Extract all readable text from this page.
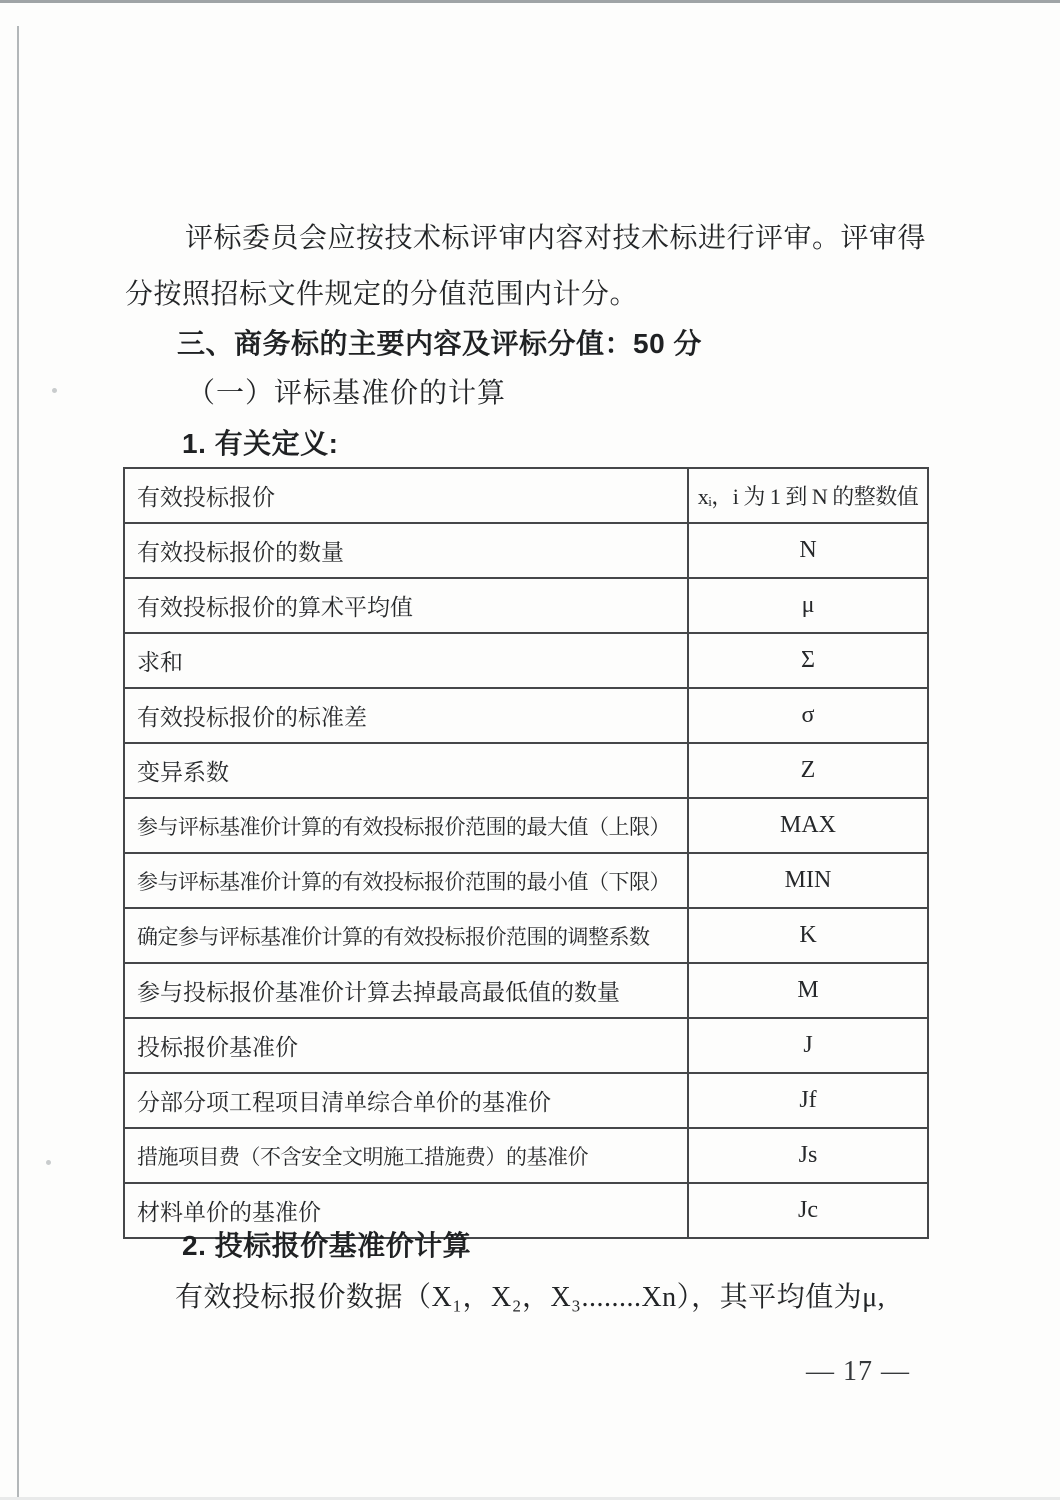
评标委员会应按技术标评审内容对技术标进行评审。评审得
分按照招标文件规定的分值范围内计分。
三、商务标的主要内容及评标分值：50 分
（一）评标基准价的计算
1. 有关定义:
有效投标报价	xᵢ，i 为 1 到 N 的整数值
有效投标报价的数量	N
有效投标报价的算术平均值	μ
求和	Σ
有效投标报价的标准差	σ
变异系数	Z
参与评标基准价计算的有效投标报价范围的最大值（上限）	MAX
参与评标基准价计算的有效投标报价范围的最小值（下限）	MIN
确定参与评标基准价计算的有效投标报价范围的调整系数	K
参与投标报价基准价计算去掉最高最低值的数量	M
投标报价基准价	J
分部分项工程项目清单综合单价的基准价	Jf
措施项目费（不含安全文明施工措施费）的基准价	Js
材料单价的基准价	Jc
2. 投标报价基准价计算
有效投标报价数据（X₁，X₂，X₃........Xn），其平均值为μ,
— 17 —
